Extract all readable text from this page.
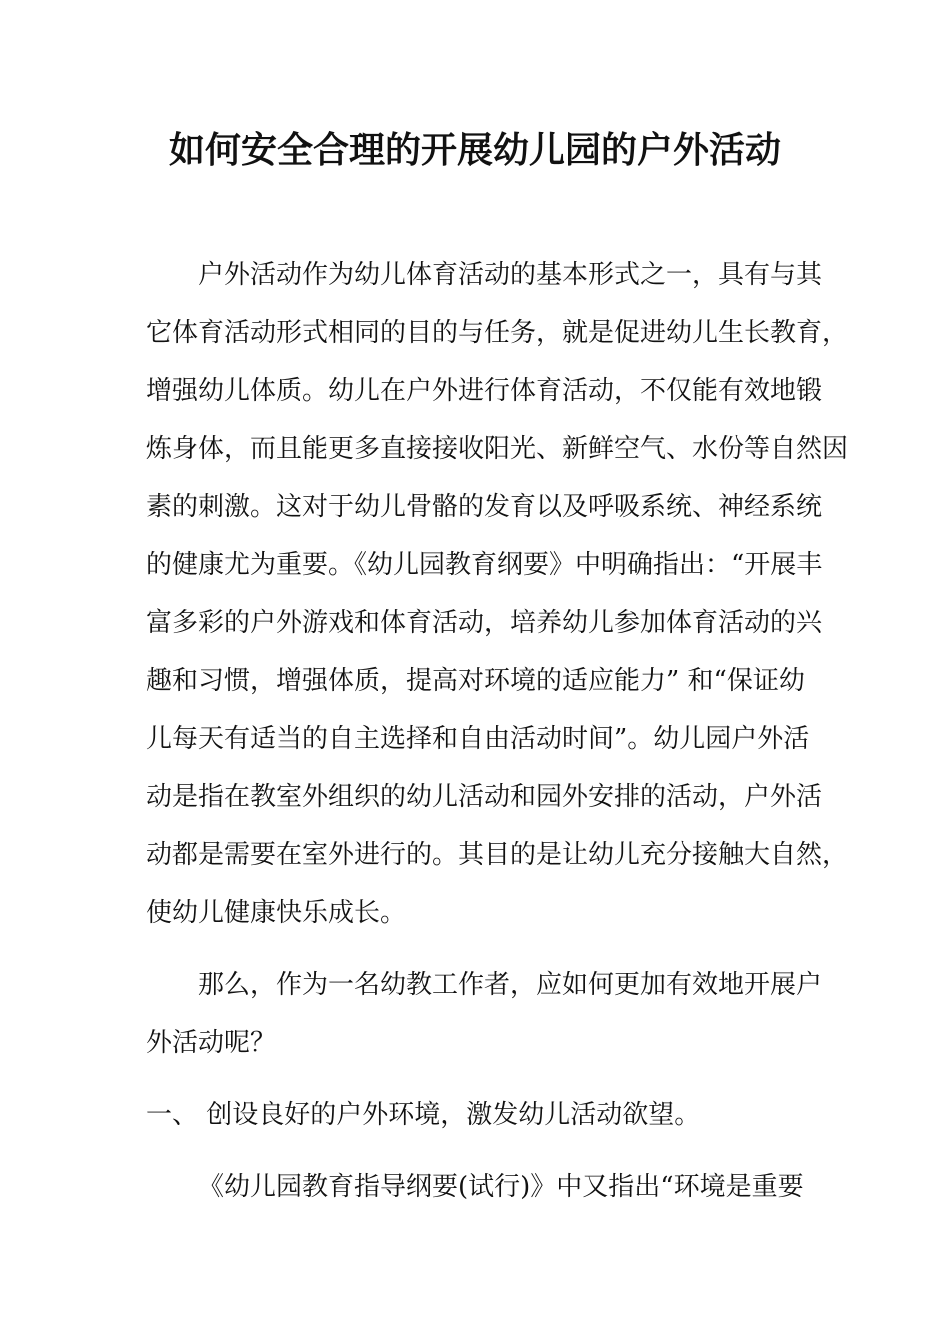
如何安全合理的开展幼儿园的户外活动
户外活动作为幼儿体育活动的基本形式之一，具有与其
它体育活动形式相同的目的与任务，就是促进幼儿生长教育，
增强幼儿体质。幼儿在户外进行体育活动，不仅能有效地锻
炼身体，而且能更多直接接收阳光、新鲜空气、水份等自然因
素的刺激。这对于幼儿骨骼的发育以及呼吸系统、神经系统
的健康尤为重要。《幼儿园教育纲要》中明确指出：“开展丰
富多彩的户外游戏和体育活动，培养幼儿参加体育活动的兴
趣和习惯，增强体质，提高对环境的适应能力” 和“保证幼
儿每天有适当的自主选择和自由活动时间”。幼儿园户外活
动是指在教室外组织的幼儿活动和园外安排的活动，户外活
动都是需要在室外进行的。其目的是让幼儿充分接触大自然，
使幼儿健康快乐成长。
那么，作为一名幼教工作者，应如何更加有效地开展户
外活动呢？
一、 创设良好的户外环境，激发幼儿活动欲望。
《幼儿园教育指导纲要(试行)》中又指出“环境是重要
